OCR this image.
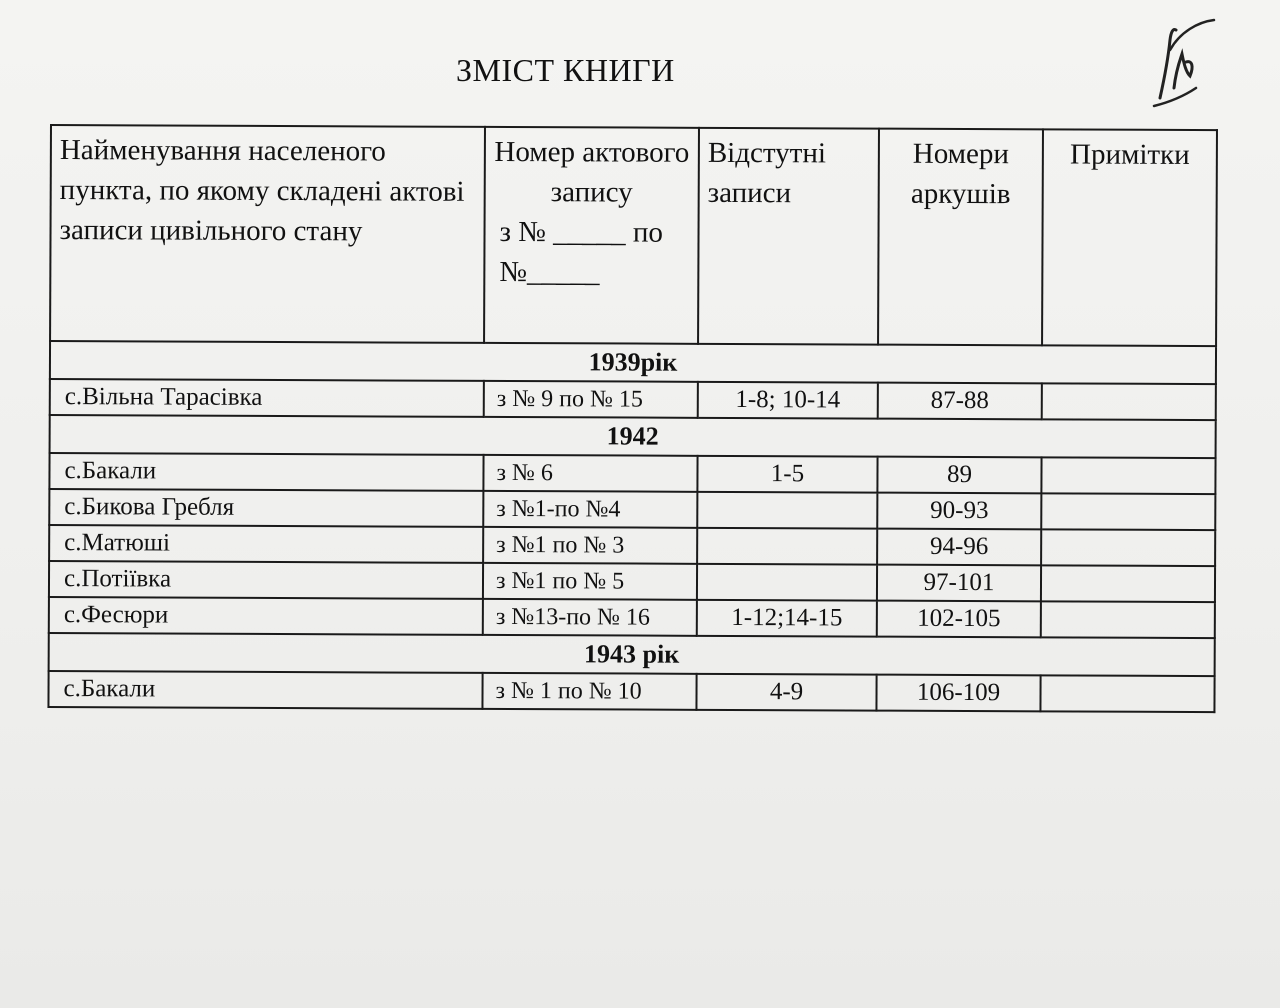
ЗМІСТ КНИГИ
Найменування населеного пункта, по якому складені актові записи цивільного стану	Номер актового запису
з № _____ по №_____	Відстутні записи	Номери аркушів	Примітки
1939рік				
с.Вільна Тарасівка	з № 9 по № 15	1-8; 10-14	87-88	
1942				
с.Бакали	з № 6	1-5	89	
с.Бикова Гребля	з №1-по №4		90-93	
с.Матюші	з №1 по № 3		94-96	
с.Потіївка	з №1 по № 5		97-101	
с.Фесюри	з №13-по № 16	1-12;14-15	102-105	
1943 рік				
с.Бакали	з № 1 по № 10	4-9	106-109	
